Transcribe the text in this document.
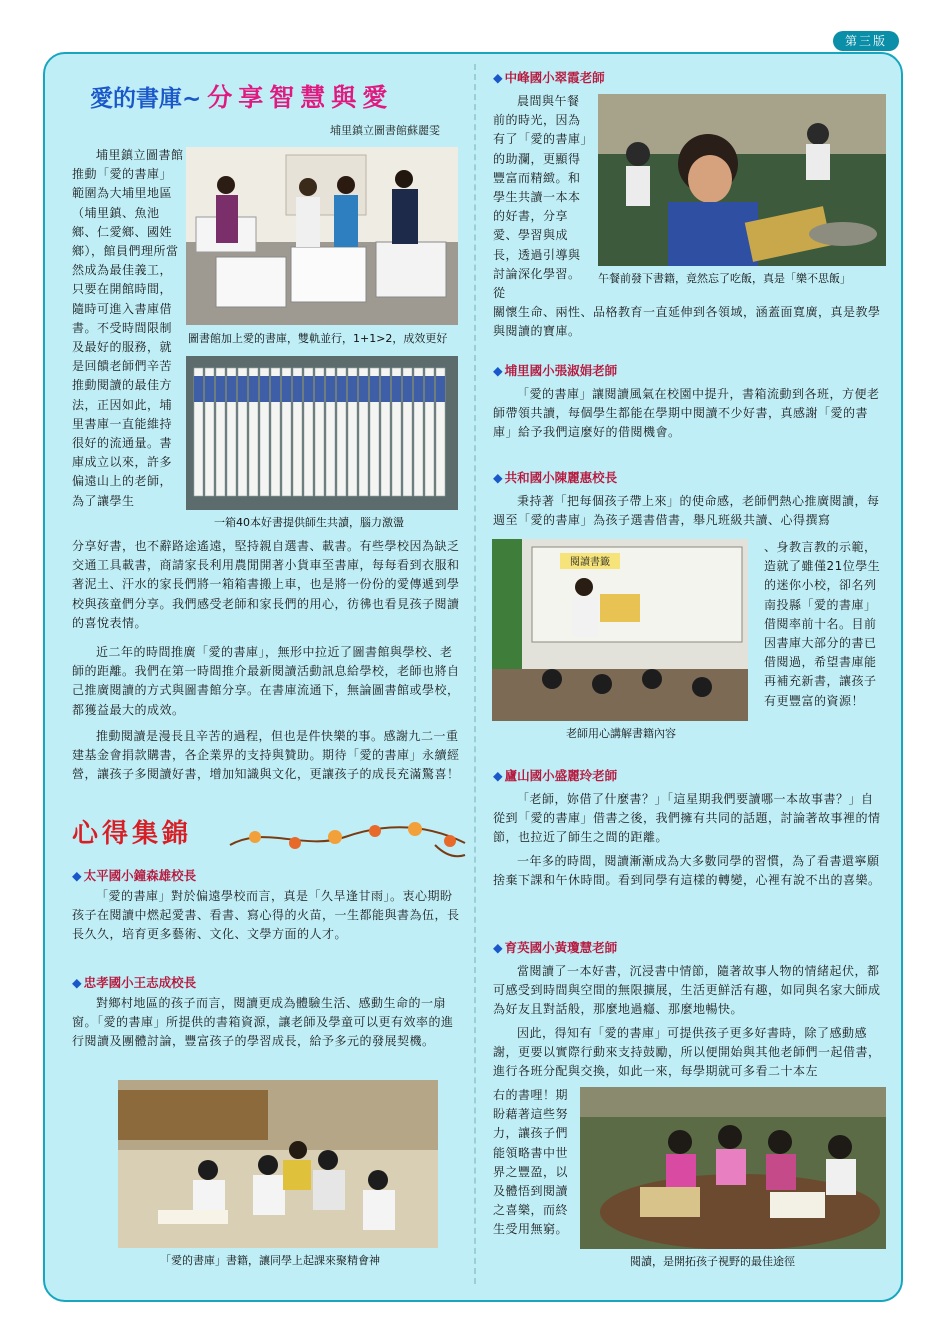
第三版
愛的書庫~ 分享智慧與愛
埔里鎮立圖書館蘇麗雯
圖書館加上愛的書庫，雙軌並行，1+1>2，成效更好
埔里鎮立圖書館推動「愛的書庫」範圍為大埔里地區（埔里鎮、魚池鄉、仁愛鄉、國姓鄉），館員們理所當然成為最佳義工，只要在開館時間，隨時可進入書庫借書。不受時間限制及最好的服務，就是回饋老師們辛苦推動閱讀的最佳方法，正因如此，埔里書庫一直能維持很好的流通量。書庫成立以來，許多偏遠山上的老師，為了讓學生
一箱40本好書提供師生共讀，腦力激盪
分享好書，也不辭路途遙遠，堅持親自選書、載書。有些學校因為缺乏交通工具載書，商請家長利用農閒開著小貨車至書庫，每每看到衣服和著泥土、汗水的家長們將一箱箱書搬上車，也是將一份份的愛傳遞到學校與孩童們分享。我們感受老師和家長們的用心，彷彿也看見孩子閱讀的喜悅表情。
近二年的時間推廣「愛的書庫」，無形中拉近了圖書館與學校、老師的距離。我們在第一時間推介最新閱讀活動訊息給學校，老師也將自己推廣閱讀的方式與圖書館分享。在書庫流通下，無論圖書館或學校，都獲益最大的成效。
推動閱讀是漫長且辛苦的過程，但也是件快樂的事。感謝九二一重建基金會捐款購書，各企業界的支持與贊助。期待「愛的書庫」永續經營，讓孩子多閱讀好書，增加知識與文化，更讓孩子的成長充滿驚喜！
心得集錦
◆ 太平國小鐘森雄校長
「愛的書庫」對於偏遠學校而言，真是「久旱逢甘雨」。衷心期盼孩子在閱讀中燃起愛書、看書、寫心得的火苗，一生都能與書為伍，長長久久，培育更多藝術、文化、文學方面的人才。
◆ 忠孝國小王志成校長
對鄉村地區的孩子而言，閱讀更成為體驗生活、感動生命的一扇窗。「愛的書庫」所提供的書箱資源，讓老師及學童可以更有效率的進行閱讀及團體討論，豐富孩子的學習成長，給予多元的發展契機。
「愛的書庫」書籍，讓同學上起課來聚精會神
◆ 中峰國小翠霞老師
晨間與午餐前的時光，因為有了「愛的書庫」的助瀾，更顯得豐富而精緻。和學生共讀一本本的好書，分享愛、學習與成長，透過引導與討論深化學習。從
午餐前發下書籍，竟然忘了吃飯，真是「樂不思飯」
關懷生命、兩性、品格教育一直延伸到各領域，涵蓋面寬廣，真是教學與閱讀的寶庫。
◆ 埔里國小張淑娟老師
「愛的書庫」讓閱讀風氣在校園中提升，書箱流動到各班，方便老師帶領共讀，每個學生都能在學期中閱讀不少好書，真感謝「愛的書庫」給予我們這麼好的借閱機會。
◆ 共和國小陳麗惠校長
秉持著「把每個孩子帶上來」的使命感，老師們熱心推廣閱讀，每週至「愛的書庫」為孩子選書借書，舉凡班級共讀、心得撰寫
閱讀書籤
老師用心講解書籍內容
、身教言教的示範，造就了雖僅21位學生的迷你小校，卻名列南投縣「愛的書庫」借閱率前十名。目前因書庫大部分的書已借閱過，希望書庫能再補充新書，讓孩子有更豐富的資源！
◆ 廬山國小盛麗玲老師
「老師，妳借了什麼書？」「這星期我們要讀哪一本故事書？」自從到「愛的書庫」借書之後，我們擁有共同的話題，討論著故事裡的情節，也拉近了師生之間的距離。
一年多的時間，閱讀漸漸成為大多數同學的習慣，為了看書還寧願捨棄下課和午休時間。看到同學有這樣的轉變，心裡有說不出的喜樂。
◆ 育英國小黃瓊慧老師
當閱讀了一本好書，沉浸書中情節，隨著故事人物的情緒起伏，都可感受到時間與空間的無限擴展，生活更鮮活有趣，如同與名家大師成為好友且對話般，那麼地過癮、那麼地暢快。
因此，得知有「愛的書庫」可提供孩子更多好書時，除了感動感謝，更要以實際行動來支持鼓勵，所以便開始與其他老師們一起借書，進行各班分配與交換，如此一來，每學期就可多看二十本左
閱讀，是開拓孩子視野的最佳途徑
右的書哩！期盼藉著這些努力，讓孩子們能領略書中世界之豐盈，以及體悟到閱讀之喜樂，而終生受用無窮。
